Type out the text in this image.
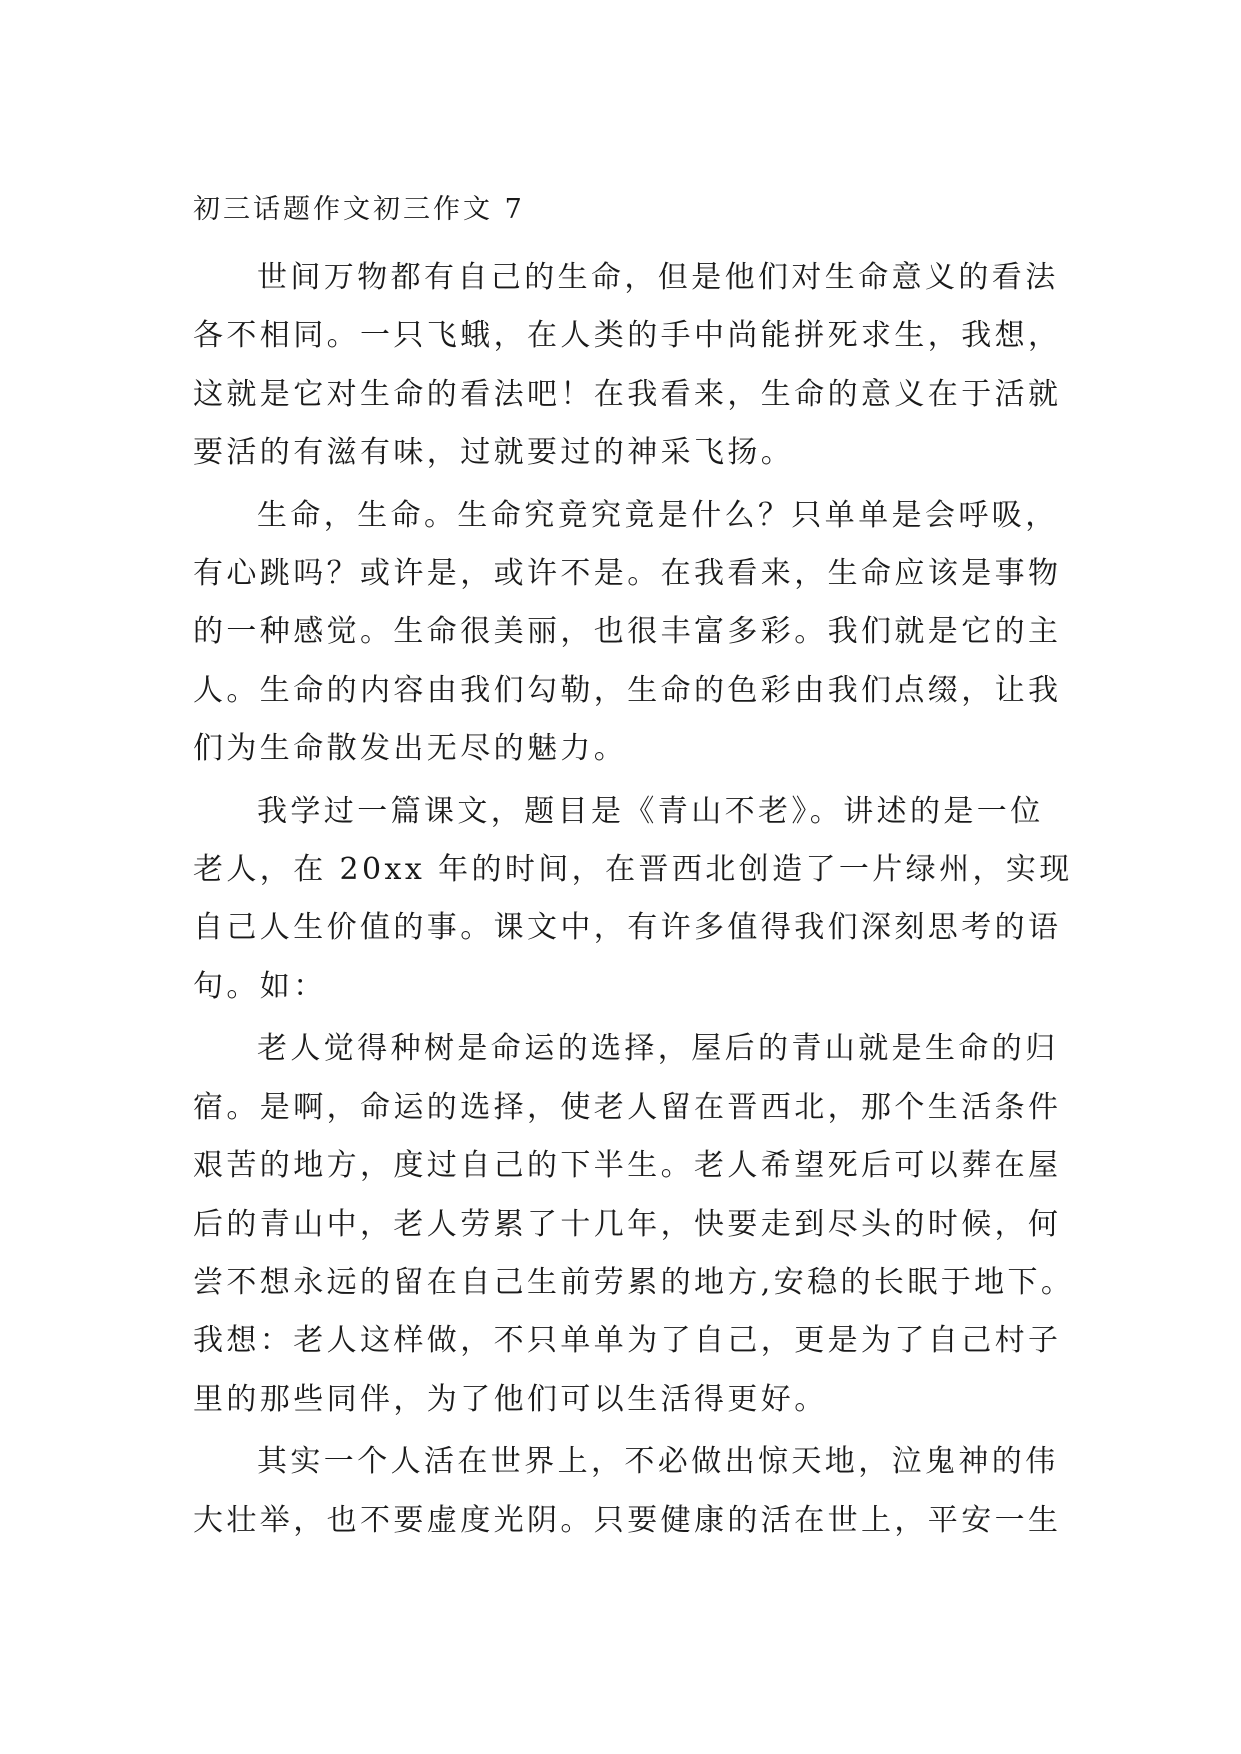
初三话题作文初三作文 7

世间万物都有自己的生命，但是他们对生命意义的看法
各不相同。一只飞蛾，在人类的手中尚能拼死求生，我想，
这就是它对生命的看法吧！在我看来，生命的意义在于活就
要活的有滋有味，过就要过的神采飞扬。

生命，生命。生命究竟究竟是什么？只单单是会呼吸，
有心跳吗？或许是，或许不是。在我看来，生命应该是事物
的一种感觉。生命很美丽，也很丰富多彩。我们就是它的主
人。生命的内容由我们勾勒，生命的色彩由我们点缀，让我
们为生命散发出无尽的魅力。

我学过一篇课文，题目是《青山不老》。讲述的是一位
老人，在 20xx 年的时间，在晋西北创造了一片绿州，实现
自己人生价值的事。课文中，有许多值得我们深刻思考的语
句。如：

老人觉得种树是命运的选择，屋后的青山就是生命的归
宿。是啊，命运的选择，使老人留在晋西北，那个生活条件
艰苦的地方，度过自己的下半生。老人希望死后可以葬在屋
后的青山中，老人劳累了十几年，快要走到尽头的时候，何
尝不想永远的留在自己生前劳累的地方,安稳的长眠于地下。
我想：老人这样做，不只单单为了自己，更是为了自己村子
里的那些同伴，为了他们可以生活得更好。

其实一个人活在世界上，不必做出惊天地，泣鬼神的伟
大壮举，也不要虚度光阴。只要健康的活在世上，平安一生
